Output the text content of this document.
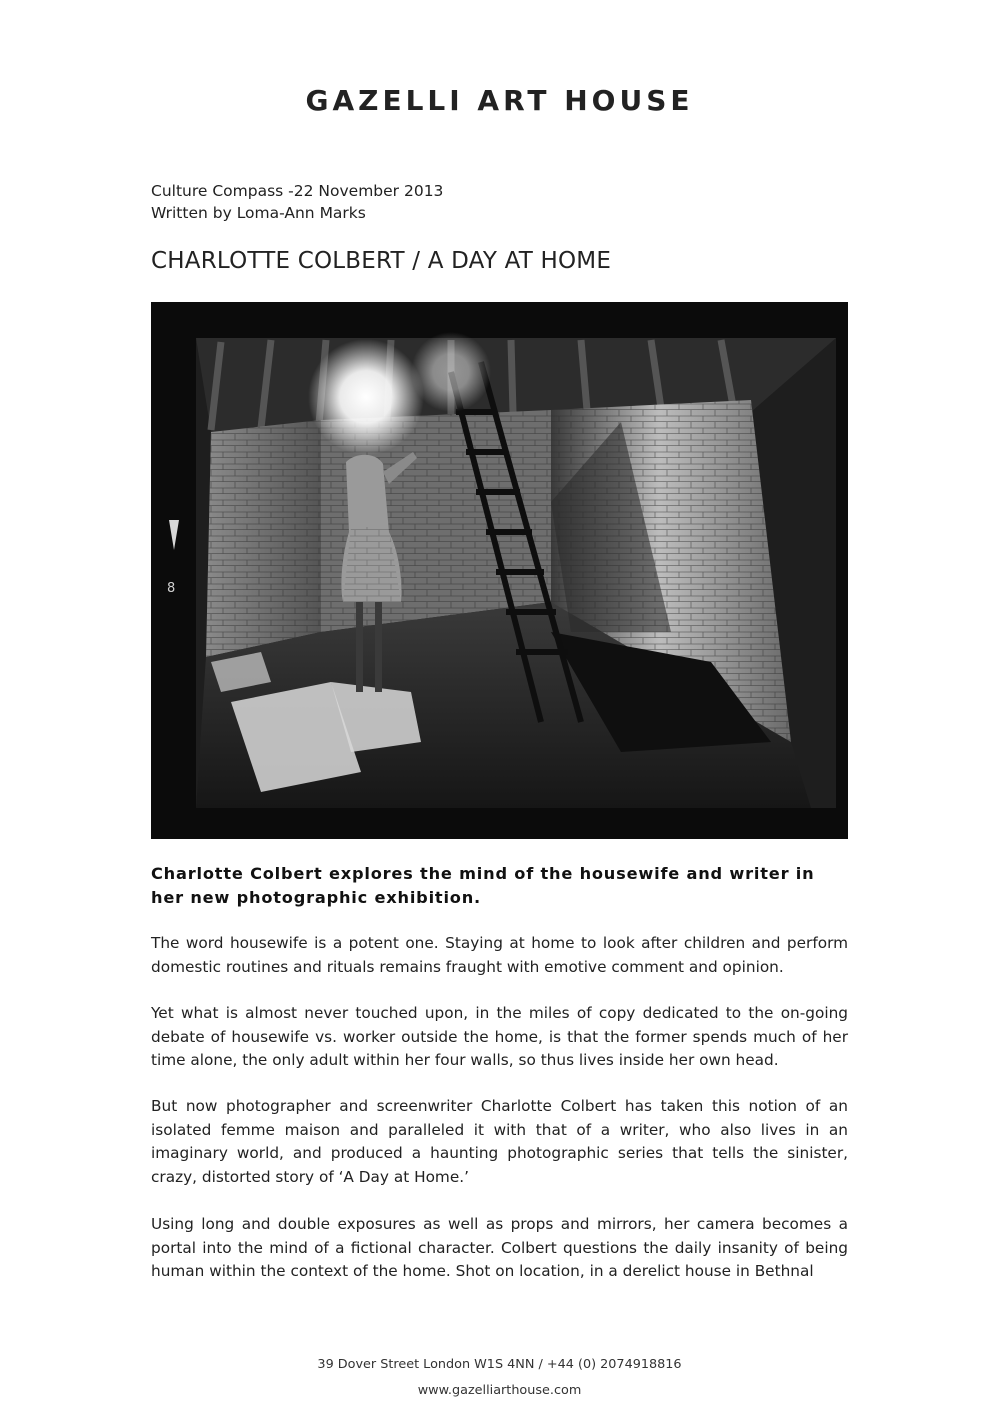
GAZELLI ART HOUSE
Culture Compass -22 November 2013
Written by Loma-Ann Marks
CHARLOTTE COLBERT / A DAY AT HOME
8
Charlotte Colbert explores the mind of the housewife and writer in her new photographic exhibition.
The word housewife is a potent one. Staying at home to look after children and perform domestic routines and rituals remains fraught with emotive comment and opinion.
Yet what is almost never touched upon, in the miles of copy dedicated to the on-going debate of housewife vs. worker outside the home, is that the former spends much of her time alone, the only adult within her four walls, so thus lives inside her own head.
But now photographer and screenwriter Charlotte Colbert has taken this notion of an isolated femme maison and paralleled it with that of a writer, who also lives in an imaginary world, and produced a haunting photographic series that tells the sinister, crazy, distorted story of ‘A Day at Home.’
Using long and double exposures as well as props and mirrors, her camera becomes a portal into the mind of a fictional character. Colbert questions the daily insanity of being human within the context of the home. Shot on location, in a derelict house in Bethnal
39 Dover Street London W1S 4NN / +44 (0) 2074918816
www.gazelliarthouse.com
